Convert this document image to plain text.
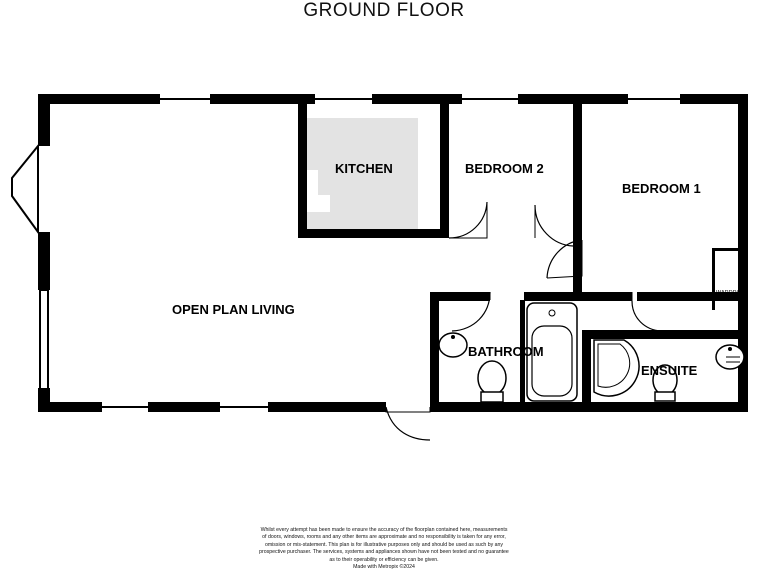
GROUND FLOOR
KITCHEN	BEDROOM 2
BEDROOM 1
OPEN PLAN LIVING
BATHROOM
ENSUITE
WARDROBE
Whilst every attempt has been made to ensure the accuracy of the floorplan contained here, measurements
of doors, windows, rooms and any other items are approximate and no responsibility is taken for any error,
omission or mis-statement. This plan is for illustrative purposes only and should be used as such by any
prospective purchaser. The services, systems and appliances shown have not been tested and no guarantee
as to their operability or efficiency can be given.
Made with Metropix ©2024
